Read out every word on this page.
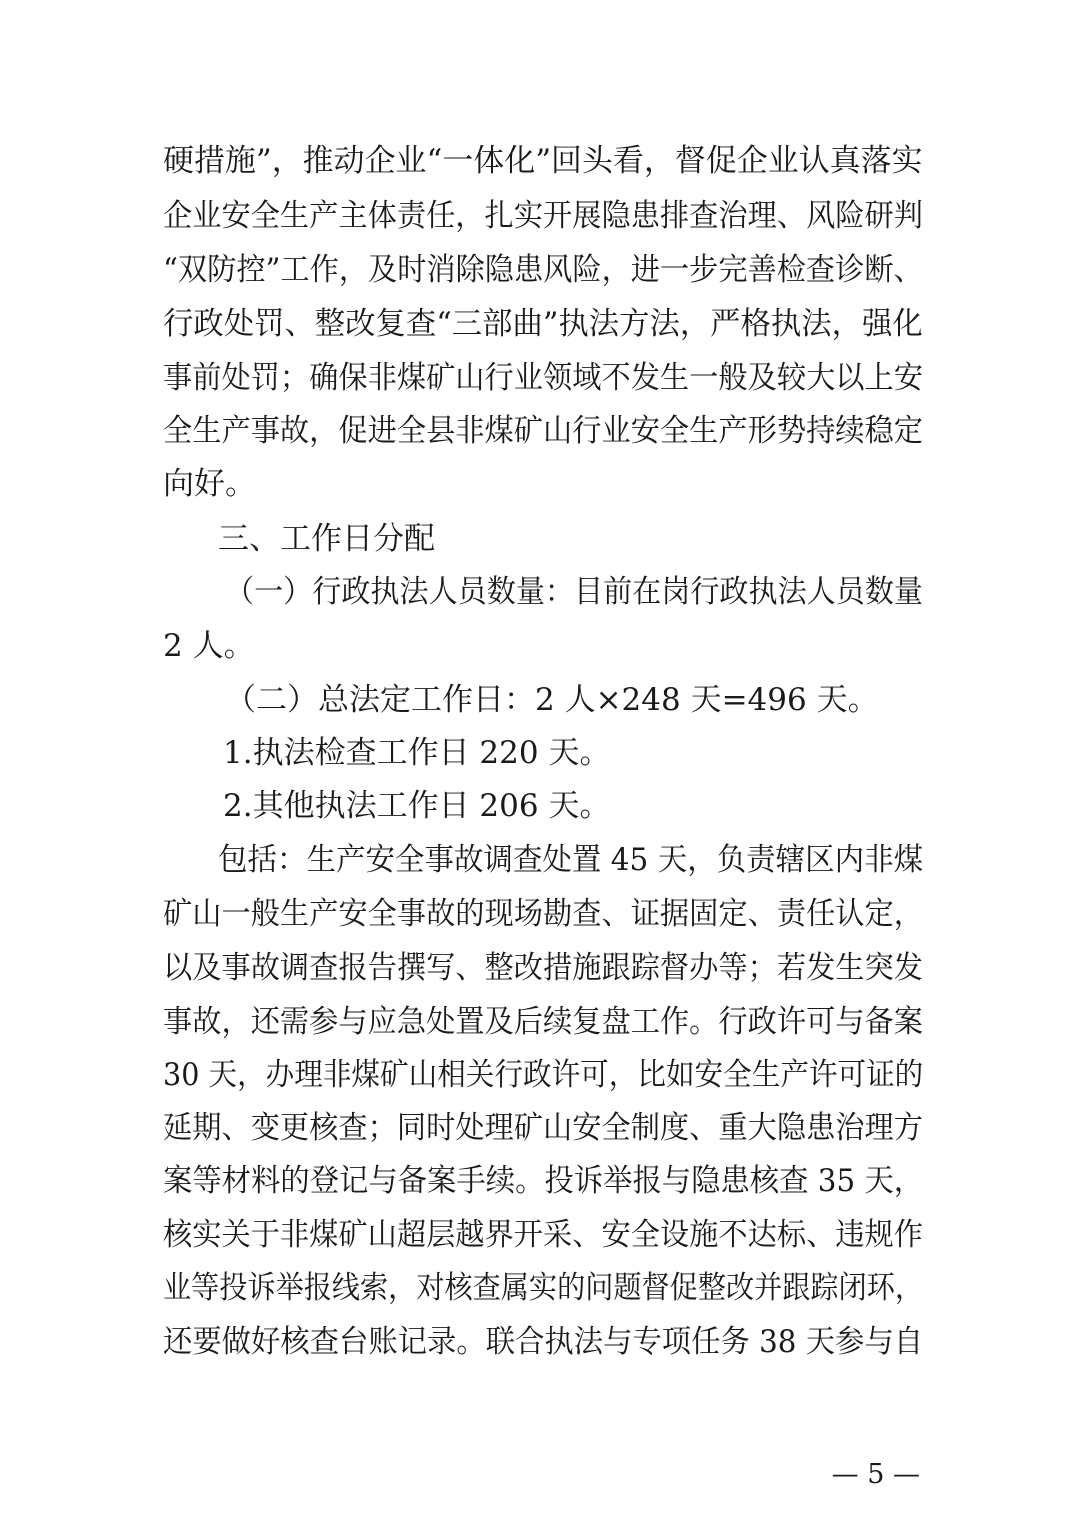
硬措施”，推动企业“一体化”回头看，督促企业认真落实
企业安全生产主体责任，扎实开展隐患排查治理、风险研判
“双防控”工作，及时消除隐患风险，进一步完善检查诊断、
行政处罚、整改复查“三部曲”执法方法，严格执法，强化
事前处罚；确保非煤矿山行业领域不发生一般及较大以上安
全生产事故，促进全县非煤矿山行业安全生产形势持续稳定
向好。
三、工作日分配
（一）行政执法人员数量：目前在岗行政执法人员数量
2 人。
（二）总法定工作日：2 人×248 天=496 天。
1.执法检查工作日 220 天。
2.其他执法工作日 206 天。
包括：生产安全事故调查处置 45 天，负责辖区内非煤
矿山一般生产安全事故的现场勘查、证据固定、责任认定，
以及事故调查报告撰写、整改措施跟踪督办等；若发生突发
事故，还需参与应急处置及后续复盘工作。行政许可与备案
30 天，办理非煤矿山相关行政许可，比如安全生产许可证的
延期、变更核查；同时处理矿山安全制度、重大隐患治理方
案等材料的登记与备案手续。投诉举报与隐患核查 35 天，
核实关于非煤矿山超层越界开采、安全设施不达标、违规作
业等投诉举报线索，对核查属实的问题督促整改并跟踪闭环，
还要做好核查台账记录。联合执法与专项任务 38 天参与自
— 5 —
